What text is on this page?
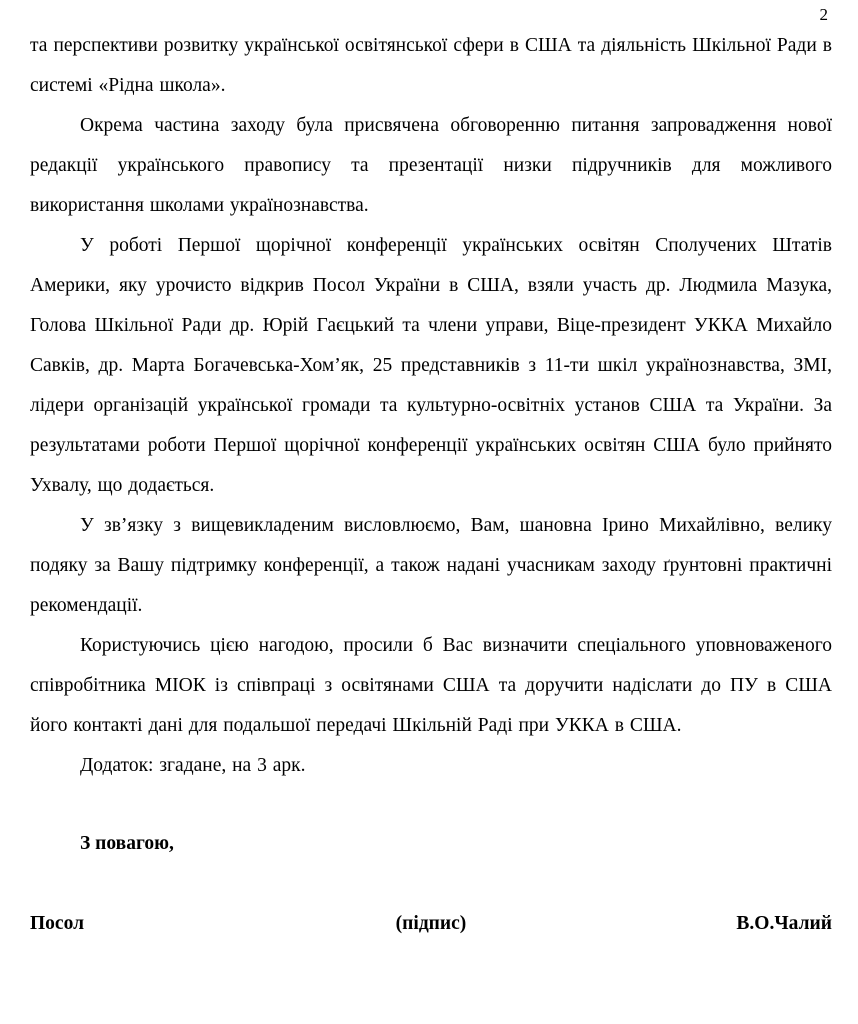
2

та перспективи розвитку української освітянської сфери в США та діяльність Шкільної Ради в системі «Рідна школа».

Окрема частина заходу була присвячена обговоренню питання запровадження нової редакції українського правопису та презентації низки підручників для можливого використання школами українознавства.

У роботі Першої щорічної конференції українських освітян Сполучених Штатів Америки, яку урочисто відкрив Посол України в США, взяли участь др. Людмила Мазука, Голова Шкільної Ради др. Юрій Гаєцький та члени управи, Віце-президент УККА Михайло Савків, др. Марта Богачевська-Хом’як, 25 представників з 11-ти шкіл українознавства, ЗМІ, лідери організацій української громади та культурно-освітніх установ США та України. За результатами роботи Першої щорічної конференції українських освітян США було прийнято Ухвалу, що додається.

У зв’язку з вищевикладеним висловлюємо, Вам, шановна Ірино Михайлівно, велику подяку за Вашу підтримку конференції, а також надані учасникам заходу ґрунтовні практичні рекомендації.

Користуючись цією нагодою, просили б Вас визначити спеціального уповноваженого співробітника МІОК із співпраці з освітянами США та доручити надіслати до ПУ в США його контакті дані для подальшої передачі Шкільній Раді при УККА в США.

Додаток: згадане, на 3 арк.

З повагою,

Посол	(підпис)	В.О.Чалий
